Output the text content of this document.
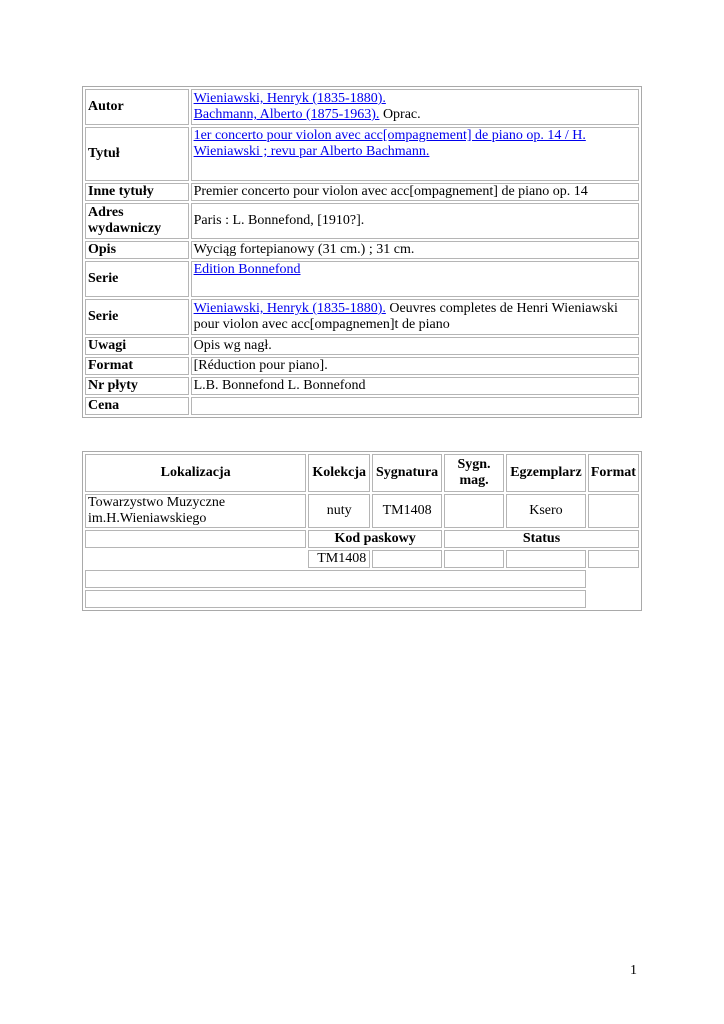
Autor	Wieniawski, Henryk (1835-1880).
Bachmann, Alberto (1875-1963). Oprac.
Tytuł	1er concerto pour violon avec acc[ompagnement] de piano op. 14 / H. Wieniawski ; revu par Alberto Bachmann.
Inne tytuły	Premier concerto pour violon avec acc[ompagnement] de piano op. 14
Adres wydawniczy	Paris : L. Bonnefond, [1910?].
Opis	Wyciąg fortepianowy (31 cm.) ; 31 cm.
Serie	Edition Bonnefond
Serie	Wieniawski, Henryk (1835-1880). Oeuvres completes de Henri Wieniawski pour violon avec acc[ompagnemen]t de piano
Uwagi	Opis wg nagł.
Format	[Réduction pour piano].
Nr płyty	L.B. Bonnefond L. Bonnefond
Cena	
Lokalizacja	Kolekcja	Sygnatura	Sygn. mag.	Egzemplarz	Format
Towarzystwo Muzyczne im.H.Wieniawskiego	nuty	TM1408		Ksero	
	Kod paskowy		Status		
	TM1408				

1
